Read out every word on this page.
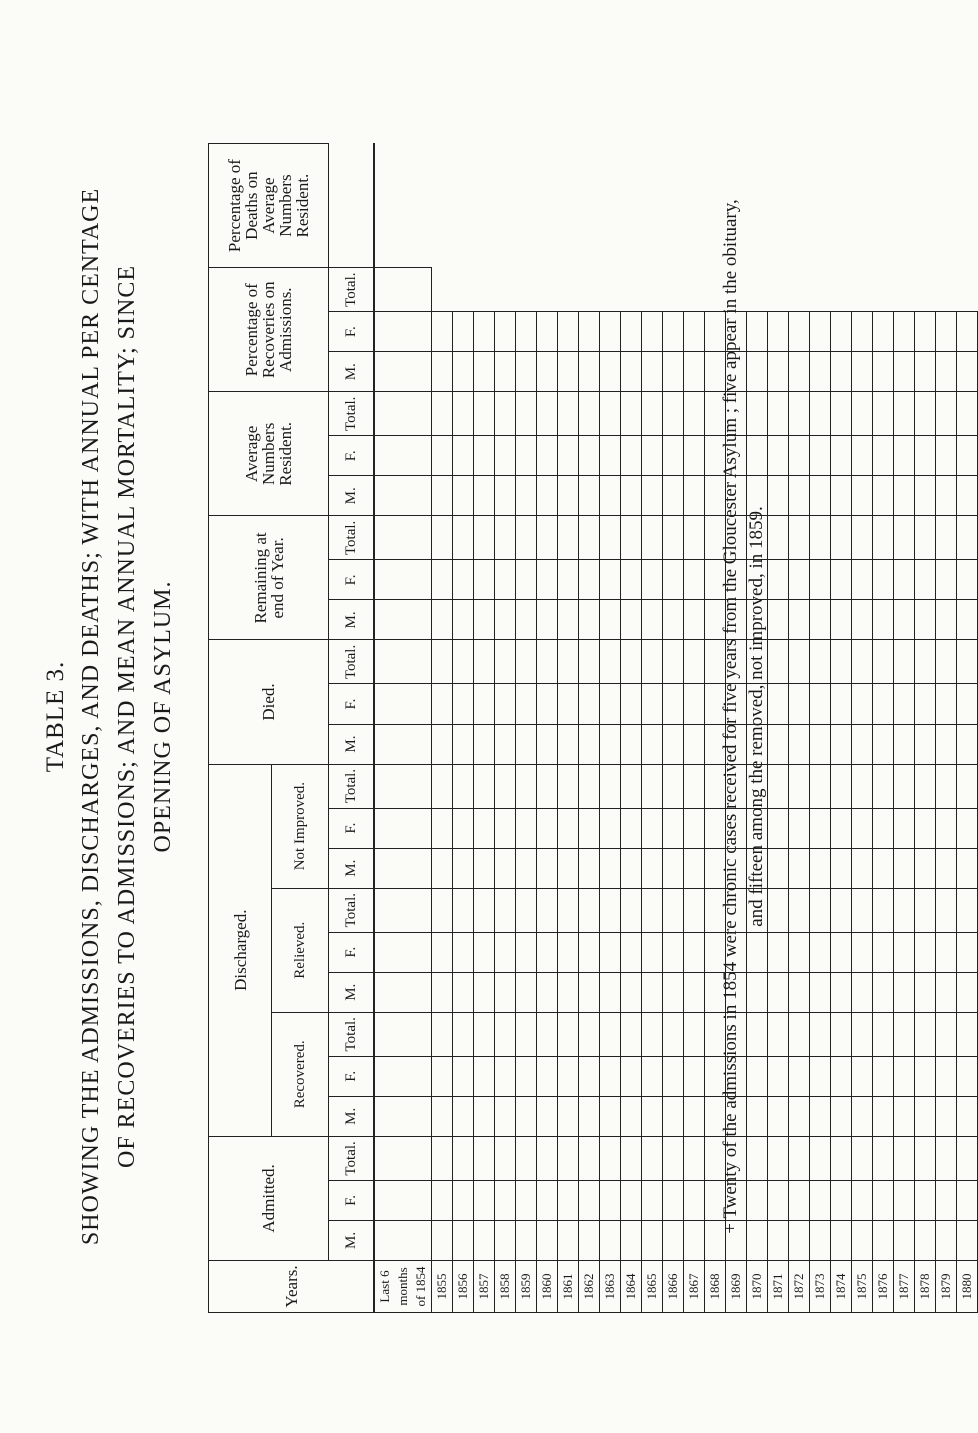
TABLE 3. SHOWING THE ADMISSIONS, DISCHARGES, AND DEATHS; WITH ANNUAL PER CENTAGE OF RECOVERIES TO ADMISSIONS; AND MEAN ANNUAL MORTALITY; SINCE OPENING OF ASYLUM.
Years.	Admitted.			Discharged.									Died.			Remaining at end of Year.			Average Numbers Resident.			Percentage of Recoveries on Admissions.			Percentage of Deaths on Average Numbers Resident.
				Recovered.			Relieved.			Not Improved.															
	M.	F.	Total.	M.	F.	Total.	M.	F.	Total.	M.	F.	Total.	M.	F.	Total.	M.	F.	Total.	M.	F.	Total.	M.	F.	Total.	
Last 6 months of 1854																									
1855																									
1856																									
1857																									
1858																									
1859																									
1860																									
1861																									
1862																									
1863																									
1864																									
1865																									
1866																									
1867																									
1868																									
1869																									
1870																									
1871																									
1872																									
1873																									
1874																									
1875																									
1876																									
1877																									
1878																									
1879																									
1880																									
+ Twenty of the admissions in 1854 were chronic cases received for five years from the Gloucester Asylum ; five appear in the obituary, and fifteen among the removed, not improved, in 1859.
